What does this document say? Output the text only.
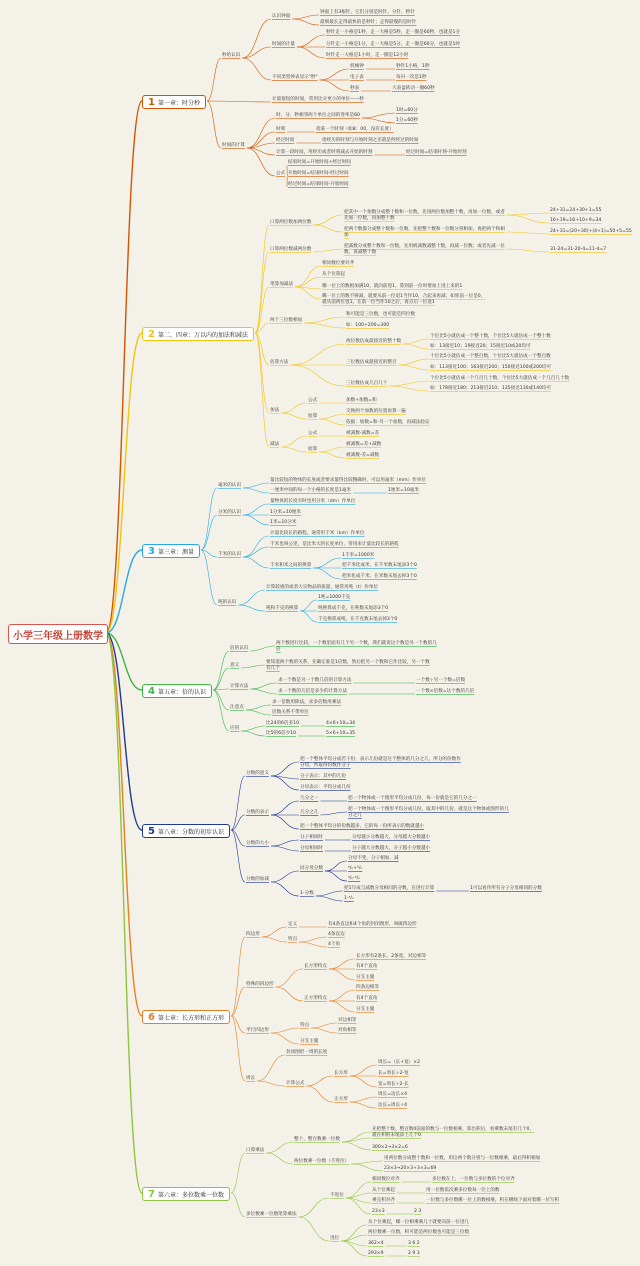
小学三年级上册数学
1 第一章：时分秒
2 第二、四章：万以内的加法和减法
3 第三章：测量
4 第五章：倍的认识
5 第八章：分数的初步认识
6 第七章：长方形和正方形
7 第六章：多位数乘一位数
秒的认识
认识钟面
钟面上有3根针，它们分别是时针、分针、秒针
最细最长走得最快的是秒针；走得最慢的是时针
时间的计量
秒针走一小格是1秒，走一大格是5秒，走一圈是60秒，也就是1分
分针走一小格是1分，走一大格是5分，走一圈是60分，也就是1时
时针走一大格是1小时，走一圈是12小时
不同类型钟表显示"秒"
机械钟	秒针1小格，1秒
电子表	每闪一次是1秒
秒表	大表盘转动一圈60秒
计量很短的时间，常用比分更小的单位——秒
时间的计算
时、分、秒相邻两个单位之间的进率是60
1时=60分
1分=60秒
时刻	指某一个时刻（如8：00，没有长度）
经过时间	指经历的时刻与开始时刻之差就是所经过的时间
计算一段时间，用经历或者时刻减去开始的时刻	经过时间=结束时刻-开始时刻
公式
结束时间=开始时间+经过时间
开始时间=结束时间-经过时间
经过时间=结束时间-开始时间
口算两位数加两位数
把其中一个加数分成整十数和一位数，先用两位数加整十数，再加一位数，或者
先加一位数，再加整十数
24+31=24+30+1=55
16+19=16+10+9=34
把两个数都分成整十数和一位数，先把整十数和一位数分别相加，再把两个和相
加
24+31=(20+30)+(4+1)=50+5=55
口算两位数减两位数
把减数分成整十数和一位数，先用被减数减整十数，再减一位数；或者先减一位
数，再减整十数
31-24=31-20-4=11-4=7
笔算加减法
相同数位要对齐
从个位算起
哪一位上的数相加满10，就向前进1，算到前一位时要加上进上来的1
哪一位上的数不够减，就要从前一位退1当作10，合起来再减；如果前一位是0，
就从前两位退1，在前一位当作10之后，再点后一位退1
两个三位数相加
和可能是三位数，也可能是四位数
如：100+200=300
估算方法
两位数估成最接近的整十数
个位比5小就估成一个整十数，个位比5大就估成一个整十数
如：13接近10；19接近20；15接近10或20均可
三位数估成最接近的整百
十位比5小就估成一个整百数，十位比5大就估成一个整百数
如：113接近100；163接近200；150接近100或200均可
三位数估成几百几十
个位比5小就估成一个几百几十数，个位比5大就估成一个几百几十数
如：178接近180；213接近210；135接近130或140均可
加法
公式	加数+加数=和
验算
交换两个加数的位置再算一遍
依据：加数=和-另一个加数，再减法验证
减法
公式	被减数-减数=差
验算
被减数=差+减数
被减数-差=减数
毫米的认识
量比较短的物体的长度或者要求量得比较精确时，可以用毫米（mm）作单位
一厘米中间的每一个小格的长度是1毫米	1厘米=10毫米
分米的认识
量物体的长度有时也用分米（dm）作单位
1分米=10厘米
1米=10分米
千米的认识
计量比较长的路程，通常用千米（km）作单位
千米也叫公里，是比米大的长度单位，常用来计量比较长的路程
千米和米之间的换算
1千米=1000米
把千米化成米，在千米数末尾添3个0
把米化成千米，在米数末尾去掉3个0
吨的认识
计算较重的或者大宗物品的质量，通常用吨（t）作单位
吨和千克的换算
1吨=1000千克
吨换算成千克，在吨数末尾添3个0
千克换算成吨，在千克数末尾去掉3个0
倍的认识
两个数进行比较，一个数里面有几个另一个数，我们就说这个数是另一个数的几
倍
意义
要知道两个数的关系，先确定谁是1倍数，然后把另一个数和它作比较，另一个数
有几个
计算方法
求一个数是另一个数几倍的计算方法	一个数÷另一个数=倍数
求一个数的几倍是多少的计算方法	一个数×倍数=这个数的几倍
注意点
求一倍数用除法，求多倍数用乘法
倍数关系不带单位
应用
比24的6倍多10	4×6+10=34
比5的6倍少10	5×6+10=35
分数的意义
把一个整体平均分成若干份，表示几份就是这个整体的几分之几，所分的份数作
分母，所取得份数作分子
分子表示：其中的几份
分母表示：平均分成几份
分数的表示
几分之一	把一个物体或一个图形平均分成几份，每一份就是它的几分之一
几分之几
把一个物体或一个图形平均分成几份，取其中的几份，就是这个物体或图形的几
分之几
把一个整体平均分的份数越多，它的每一份所表示的数就越小
分数的大小
分子相同时	分母越小分数越大，分母越大分数越小
分母相同时	分子越大分数越大，分子越小分数越小
分数的加减
同分母分数
分母不变，分子相加、减
ᵃ/ₙ+ᵇ/ₙ
ᵃ/ₙ-ᵇ/ₙ
1-分数
把1写成与减数分母相同的分数，在进行计算	1可以看作所有分子分母相同的分数
1-ᵃ/ₙ
四边形
定义	有4条直边和4个角的封闭图形，叫做四边形
特点
4条直边
4个角
特殊的四边形
长方形特点
长方形有2条长、2条宽，对边相等
有4个直角
分支主题
正方形特点
四条边相等
有4个直角
分支主题
平行四边形
特点
对边相等
对角相等
分支主题
周长
封闭图形一周的长度
计算公式
长方形
周长=（长+宽）×2
长=周长÷2-宽
宽=周长÷2-长
正方形
周长=边长×4
边长=周长÷4
口算乘法
整十、整百数乘一位数
先把整十数、整百数0前面的数与一位数相乘，算出积后，看乘数末尾有几个0，
就在积的末尾添上几个0
300×2→3×2=6
两位数乘一位数（不进位）
用两位数分成整十数和一位数，用这两个数分别与一位数相乘，最后得积相加
23×3→20×3+3×3=69
多位数乘一位数笔算乘法
不进位
相同数位对齐	多位数在上，一位数与多位数的个位对齐
从个位乘起	用一位数依次乘多位数每一位上的数
乘完积对齐	一位数与多位数哪一位上的数相乘，积在横线下面对着哪一位写积
23×3	2 3
进位
从个位乘起，哪一位相乘满几十就要向前一位进几
两位数乘一位数，积可能是两位数也可能是三位数
362×4	3 6 2
293×9	2 9 3
